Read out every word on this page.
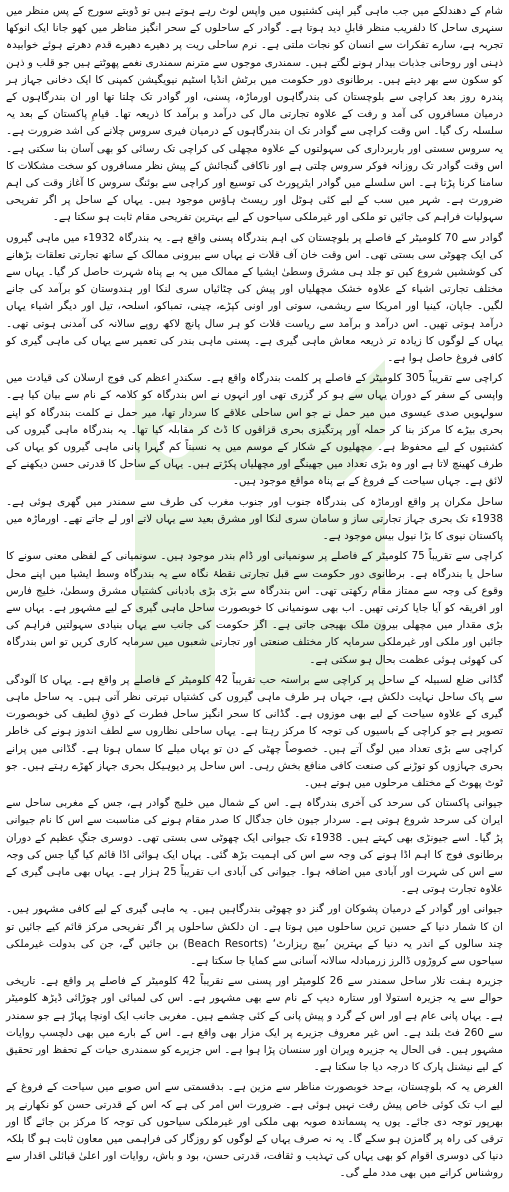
شام کے دھندلکے میں جب ماہی گیر اپنی کشتیوں میں واپس لوٹ رہے ہوتے ہیں تو ڈوبتے سورج کے پس منظر میں سنہری ساحل کا دلفریب منظر قابلِ دید ہوتا ہے۔ گوادر کے ساحلوں کے سحر انگیز مناظر میں کھو جانا ایک انوکھا تجربہ ہے، سارے تفکرات سے انسان کو نجات ملتی ہے۔ نرم ساحلی ریت پر دھیرے دھیرے قدم دھرتے ہوئے خوابیدہ ذہنی اور روحانی جذبات بیدار ہونے لگتے ہیں۔ سمندری موجوں سے مترنم سمندری نغمے پھوٹتے ہیں جو قلب و ذہن کو سکون سے بھر دیتے ہیں۔ برطانوی دور حکومت میں برٹش انڈیا اسٹیم نیویگیشن کمپنی کا ایک دخانی جہاز ہر پندرہ روز بعد کراچی سے بلوچستان کی بندرگاہوں اورماڑہ، پسنی، اور گوادر تک چلتا تھا اور ان بندرگاہوں کے درمیان مسافروں کی آمد و رفت کے علاوہ تجارتی مال کی درآمد و برآمد کا ذریعہ تھا۔ قیامِ پاکستان کے بعد یہ سلسلہ رک گیا۔ اس وقت کراچی سے گوادر تک ان بندرگاہوں کے درمیان فیری سروس چلانے کی اشد ضرورت ہے۔ یہ سروس سستی اور باربرداری کی سہولتوں کے علاوہ مچھلی کی کراچی تک رسائی کو بھی آسان بنا سکتی ہے۔ اس وقت گوادر تک روزانہ فوکر سروس چلتی ہے اور ناکافی گنجائش کے پیش نظر مسافروں کو سخت مشکلات کا سامنا کرنا پڑتا ہے۔ اس سلسلے میں گوادر ایئرپورٹ کی توسیع اور کراچی سے بوئنگ سروس کا آغاز وقت کی اہم ضرورت ہے۔ شہر میں سب کے لیے کئی ہوٹل اور ریسٹ ہاؤس موجود ہیں۔ یہاں کے ساحل پر اگر تفریحی سہولیات فراہم کی جائیں تو ملکی اور غیرملکی سیاحوں کے لیے بہترین تفریحی مقام ثابت ہو سکتا ہے۔

گوادر سے 70 کلومیٹر کے فاصلے پر بلوچستان کی اہم بندرگاہ پسنی واقع ہے۔ یہ بندرگاہ 1932ء میں ماہی گیروں کی ایک چھوٹی سی بستی تھی۔ اس وقت خان آف قلات نے یہاں سے بیرونی ممالک کے ساتھ تجارتی تعلقات بڑھانے کی کوششیں شروع کیں تو جلد ہی مشرق وسطیٰ ایشیا کے ممالک میں یہ بے پناہ شہرت حاصل کر گیا۔ یہاں سے مختلف تجارتی اشیاء کے علاوہ خشک مچھلیاں اور پیش کی چٹائیاں سری لنکا اور ہندوستان کو برآمد کی جانے لگیں۔ جاپان، کینیا اور امریکا سے ریشمی، سوتی اور اونی کپڑے، چینی، تمباکو، اسلحہ، تیل اور دیگر اشیاء یہاں درآمد ہوتی تھیں۔ اس درآمد و برآمد سے ریاست قلات کو ہر سال پانچ لاکھ روپے سالانہ کی آمدنی ہوتی تھی۔ یہاں کے لوگوں کا زیادہ تر ذریعہ معاش ماہی گیری ہے۔ پسنی ماہی بندر کی تعمیر سے یہاں کی ماہی گیری کو کافی فروغ حاصل ہوا ہے۔

کراچی سے تقریباً 305 کلومیٹر کے فاصلے پر کلمت بندرگاہ واقع ہے۔ سکندرِ اعظم کی فوج ارسلان کی قیادت میں واپسی کے سفر کے دوران یہاں سے ہو کر گزری تھی اور انہوں نے اس بندرگاہ کو کلامہ کے نام سے بیان کیا ہے۔ سولہویں صدی عیسوی میں میر حمل نے جو اس ساحلی علاقے کا سردار تھا، میر حمل نے کلمت بندرگاہ کو اپنے بحری بیڑے کا مرکز بنا کر حملہ آور پرتگیزی بحری قزاقوں کا ڈٹ کر مقابلہ کیا تھا۔ یہ بندرگاہ ماہی گیروں کی کشتیوں کے لیے محفوظ ہے۔ مچھلیوں کے شکار کے موسم میں یہ نسبتاً کم گہرا پانی ماہی گیروں کو یہاں کی طرف کھینچ لاتا ہے اور وہ بڑی تعداد میں جھینگے اور مچھلیاں پکڑتے ہیں۔ یہاں کے ساحل کا قدرتی حسن دیکھنے کے لائق ہے۔ جہاں سیاحت کے فروغ کے بے پناہ مواقع موجود ہیں۔

ساحل مکران پر واقع اورماڑہ کی بندرگاہ جنوب اور جنوب مغرب کی طرف سے سمندر میں گھری ہوئی ہے۔ 1938ء تک بحری جہاز تجارتی ساز و سامان سری لنکا اور مشرق بعید سے یہاں لاتے اور لے جاتے تھے۔ اورماڑہ میں پاکستان نیوی کا بڑا نیول بیس موجود ہے۔

کراچی سے تقریباً 75 کلومیٹر کے فاصلے پر سونمیانی اور ڈام بندر موجود ہیں۔ سونمیانی کے لفظی معنی سونے کا ساحل یا بندرگاہ ہے۔ برطانوی دور حکومت سے قبل تجارتی نقطۂ نگاہ سے یہ بندرگاہ وسط ایشیا میں اپنے محل وقوع کی وجہ سے ممتاز مقام رکھتی تھی۔ اس بندرگاہ سے بڑی بڑی بادبانی کشتیاں مشرق وسطیٰ، خلیج فارس اور افریقہ کو آیا جایا کرتی تھیں۔ اب بھی سونمیانی کا خوبصورت ساحل ماہی گیری کے لیے مشہور ہے۔ یہاں سے بڑی مقدار میں مچھلی بیرون ملک بھیجی جاتی ہے۔ اگر حکومت کی جانب سے یہاں بنیادی سہولتیں فراہم کی جائیں اور ملکی اور غیرملکی سرمایہ کار مختلف صنعتی اور تجارتی شعبوں میں سرمایہ کاری کریں تو اس بندرگاہ کی کھوئی ہوئی عظمت بحال ہو سکتی ہے۔

گڈانی ضلع لسبیلہ کے ساحل پر کراچی سے براستہ حب تقریباً 42 کلومیٹر کے فاصلے پر واقع ہے۔ یہاں کا آلودگی سے پاک ساحل نہایت دلکش ہے، جہاں ہر طرف ماہی گیروں کی کشتیاں تیرتی نظر آتی ہیں۔ یہ ساحل ماہی گیری کے علاوہ سیاحت کے لیے بھی موزوں ہے۔ گڈانی کا سحر انگیز ساحل فطرت کے ذوقِ لطیف کی خوبصورت تصویر ہے جو کراچی کے باسیوں کی توجہ کا مرکز رہتا ہے۔ یہاں ساحلی نظاروں سے لطف اندوز ہونے کی خاطر کراچی سے بڑی تعداد میں لوگ آتے ہیں۔ خصوصاً چھٹی کے دن تو یہاں میلے کا سماں ہوتا ہے۔ گڈانی میں پرانے بحری جہازوں کو توڑنے کی صنعت کافی منافع بخش رہی۔ اس ساحل پر دیوہیکل بحری جہاز کھڑے رہتے ہیں۔ جو ٹوٹ پھوٹ کے مختلف مرحلوں میں ہوتے ہیں۔

جیوانی پاکستان کی سرحد کی آخری بندرگاہ ہے۔ اس کے شمال میں خلیج گوادر ہے، جس کے مغربی ساحل سے ایران کی سرحد شروع ہوتی ہے۔ سردار جیون خان جدگال کا صدر مقام ہونے کی مناسبت سے اس کا نام جیوانی پڑ گیا۔ اسے جیونڑی بھی کہتے ہیں۔ 1938ء تک جیوانی ایک چھوٹی سی بستی تھی۔ دوسری جنگِ عظیم کے دوران برطانوی فوج کا اہم اڈا ہونے کی وجہ سے اس کی اہمیت بڑھ گئی۔ یہاں ایک ہوائی اڈا قائم کیا گیا جس کی وجہ سے اس کی شہرت اور آبادی میں اضافہ ہوا۔ جیوانی کی آبادی اب تقریباً 25 ہزار ہے۔ یہاں بھی ماہی گیری کے علاوہ تجارت ہوتی ہے۔

جیوانی اور گوادر کے درمیان پشوکان اور گنز دو چھوٹی بندرگاہیں ہیں۔ یہ ماہی گیری کے لیے کافی مشہور ہیں۔ ان کا شمار دنیا کے حسین ترین ساحلوں میں ہوتا ہے۔ ان دلکش ساحلوں پر اگر تفریحی مرکز قائم کیے جائیں تو چند سالوں کے اندر یہ دنیا کے بہترین ’بیچ ریزارٹ‘ (Beach Resorts) بن جائیں گے، جن کی بدولت غیرملکی سیاحوں سے کروڑوں ڈالرز زرمبادلہ سالانہ آسانی سے کمایا جا سکتا ہے۔

جزیرہ ہفت تلار ساحل سمندر سے 26 کلومیٹر اور پسنی سے تقریباً 42 کلومیٹر کے فاصلے پر واقع ہے۔ تاریخی حوالے سے یہ جزیرہ استولا اور ستارہ دیپ کے نام سے بھی مشہور ہے۔ اس کی لمبائی اور چوڑائی ڈیڑھ کلومیٹر ہے۔ یہاں پانی عام ہے اور اس کے گرد و پیش پانی کے کئی چشمے ہیں۔ مغربی جانب ایک اونچا پہاڑ ہے جو سمندر سے 260 فٹ بلند ہے۔ اس غیر معروف جزیرے پر ایک مزار بھی واقع ہے۔ اس کے بارے میں بھی دلچسپ روایات مشہور ہیں۔ فی الحال یہ جزیرہ ویران اور سنسان پڑا ہوا ہے۔ اس جزیرے کو سمندری حیات کے تحفظ اور تحقیق کے لیے نیشنل پارک کا درجہ دیا جا سکتا ہے۔

الغرض یہ کہ بلوچستان، بےحد خوبصورت مناظر سے مزین ہے۔ بدقسمتی سے اس صوبے میں سیاحت کے فروغ کے لیے اب تک کوئی خاص پیش رفت نہیں ہوئی ہے۔ ضرورت اس امر کی ہے کہ اس کے قدرتی حسن کو نکھارنے پر بھرپور توجہ دی جائے۔ یوں یہ پسماندہ صوبہ بھی ملکی اور غیرملکی سیاحوں کی توجہ کا مرکز بن جائے گا اور ترقی کی راہ پر گامزن ہو سکے گا۔ یہ نہ صرف یہاں کے لوگوں کو روزگار کی فراہمی میں معاون ثابت ہو گا بلکہ دنیا کی دوسری اقوام کو بھی یہاں کی تہذیب و ثقافت، قدرتی حسن، بود و باش، روایات اور اعلیٰ قبائلی اقدار سے روشناس کرانے میں بھی مدد ملے گی۔
